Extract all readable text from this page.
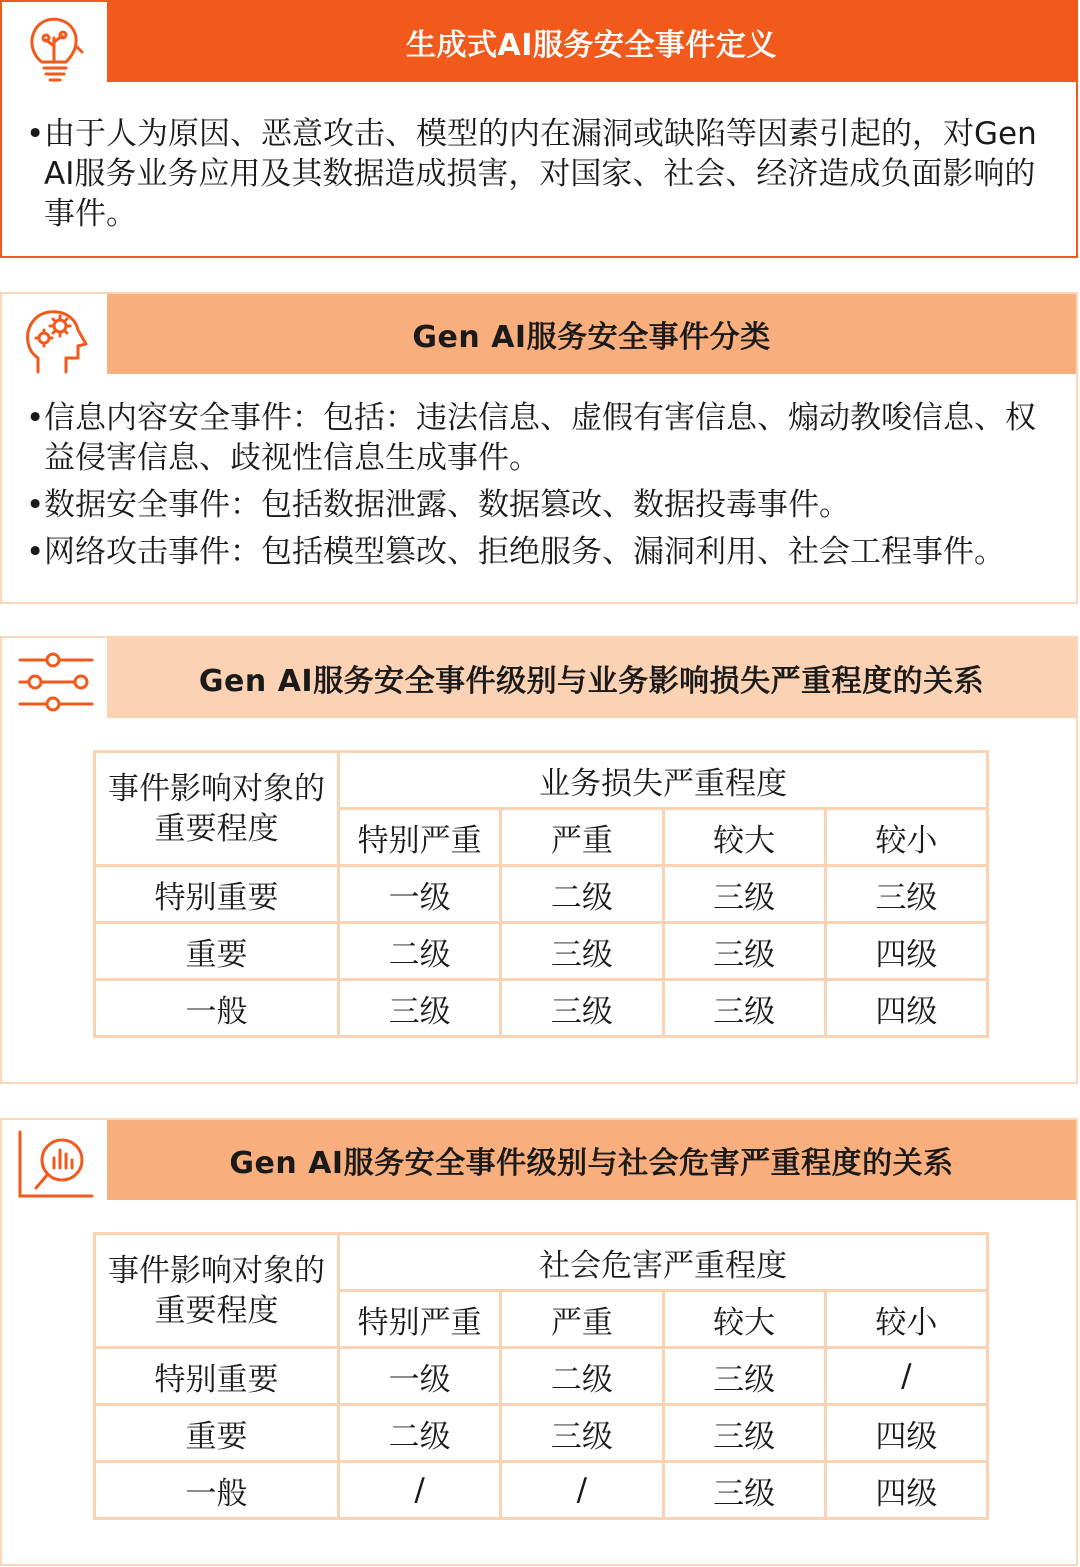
生成式AI服务安全事件定义
• 由于人为原因、恶意攻击、模型的内在漏洞或缺陷等因素引起的，对Gen AI服务业务应用及其数据造成损害，对国家、社会、经济造成负面影响的事件。
Gen AI服务安全事件分类
• 信息内容安全事件：包括：违法信息、虚假有害信息、煽动教唆信息、权益侵害信息、歧视性信息生成事件。
• 数据安全事件：包括数据泄露、数据篡改、数据投毒事件。
• 网络攻击事件：包括模型篡改、拒绝服务、漏洞利用、社会工程事件。
Gen AI服务安全事件级别与业务影响损失严重程度的关系
事件影响对象的重要程度	业务损失严重程度			
	特别严重	严重	较大	较小
特别重要	一级	二级	三级	三级
重要	二级	三级	三级	四级
一般	三级	三级	三级	四级
Gen AI服务安全事件级别与社会危害严重程度的关系
事件影响对象的重要程度	社会危害严重程度			
	特别严重	严重	较大	较小
特别重要	一级	二级	三级	/
重要	二级	三级	三级	四级
一般	/	/	三级	四级
